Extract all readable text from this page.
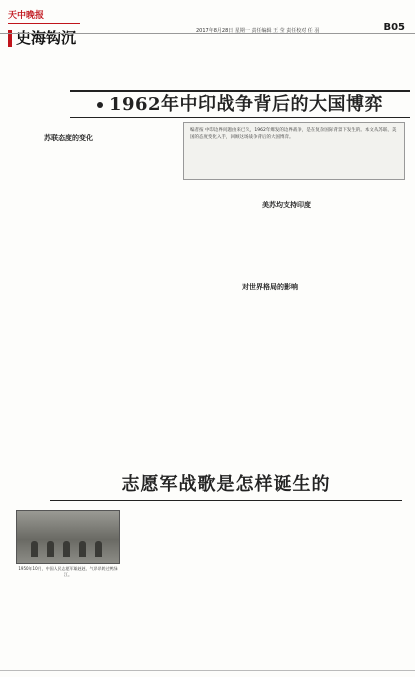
天中晚报
史海钩沉	2017年8月28日 星期一 责任编辑 王 莹 责任校对 任 羽	B05
1962年中印战争背后的大国博弈
编者按 中印边界问题由来已久，1962年爆发的边界战争，是在复杂国际背景下发生的。本文从苏联、美国的态度变化入手，回顾这场战争背后的大国博弈。
苏联态度的变化
美苏均支持印度
对世界格局的影响
志愿军战歌是怎样诞生的
1950年10月，中国人民志愿军雄赳赳、气昂昂跨过鸭绿江。
